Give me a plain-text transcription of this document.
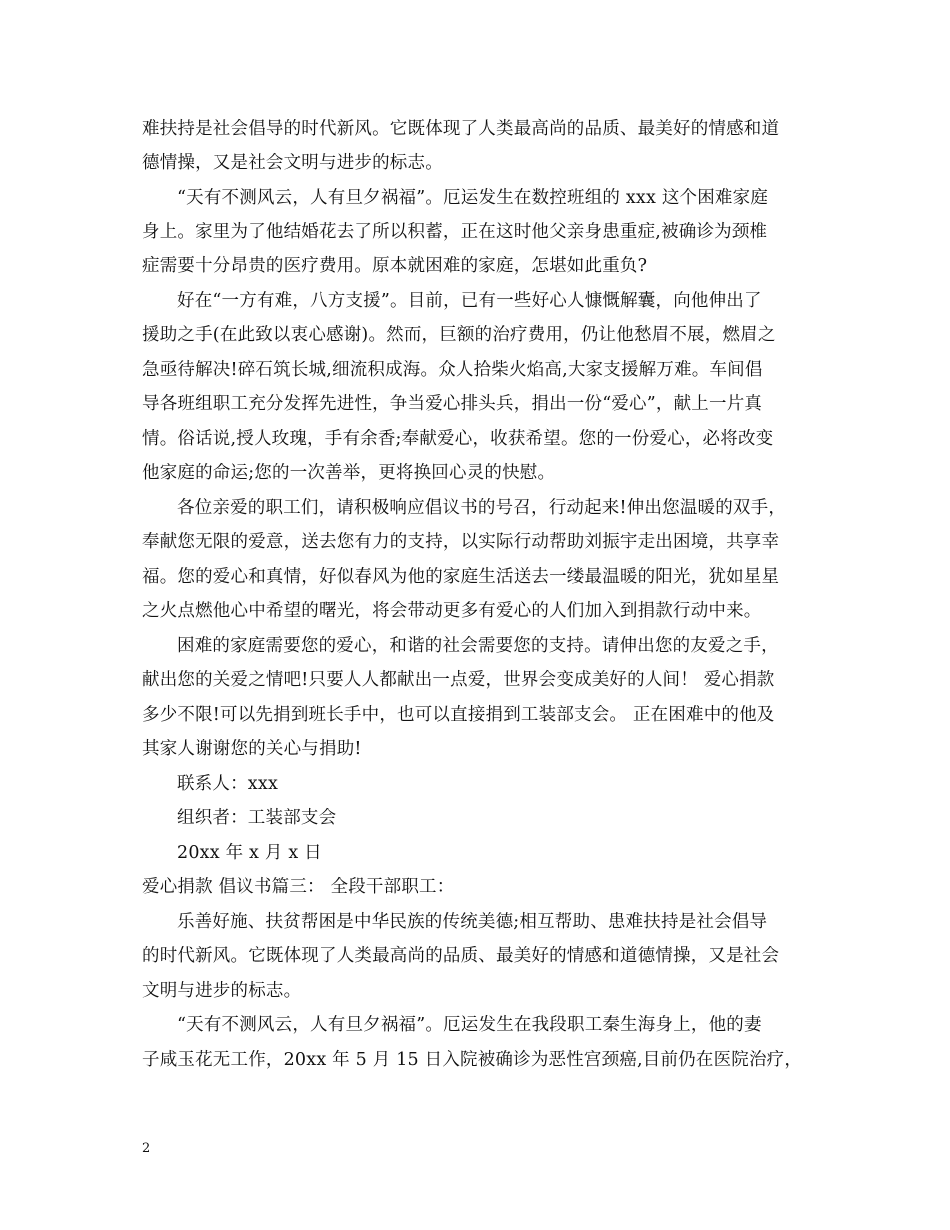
难扶持是社会倡导的时代新风。它既体现了人类最高尚的品质、最美好的情感和道
德情操，又是社会文明与进步的标志。
“天有不测风云，人有旦夕祸福”。厄运发生在数控班组的 xxx 这个困难家庭
身上。家里为了他结婚花去了所以积蓄，正在这时他父亲身患重症,被确诊为颈椎
症需要十分昂贵的医疗费用。原本就困难的家庭，怎堪如此重负?
好在“一方有难，八方支援”。目前，已有一些好心人慷慨解囊，向他伸出了
援助之手(在此致以衷心感谢)。然而，巨额的治疗费用，仍让他愁眉不展，燃眉之
急亟待解决!碎石筑长城,细流积成海。众人拾柴火焰高,大家支援解万难。车间倡
导各班组职工充分发挥先进性，争当爱心排头兵，捐出一份“爱心”，献上一片真
情。俗话说,授人玫瑰，手有余香;奉献爱心，收获希望。您的一份爱心，必将改变
他家庭的命运;您的一次善举，更将换回心灵的快慰。
各位亲爱的职工们，请积极响应倡议书的号召，行动起来!伸出您温暖的双手，
奉献您无限的爱意，送去您有力的支持，以实际行动帮助刘振宇走出困境，共享幸
福。您的爱心和真情，好似春风为他的家庭生活送去一缕最温暖的阳光，犹如星星
之火点燃他心中希望的曙光，将会带动更多有爱心的人们加入到捐款行动中来。
困难的家庭需要您的爱心，和谐的社会需要您的支持。请伸出您的友爱之手，
献出您的关爱之情吧!只要人人都献出一点爱，世界会变成美好的人间！ 爱心捐款
多少不限!可以先捐到班长手中，也可以直接捐到工装部支会。 正在困难中的他及
其家人谢谢您的关心与捐助!
联系人：xxx
组织者：工装部支会
20xx 年 x 月 x 日
爱心捐款 倡议书篇三： 全段干部职工：
乐善好施、扶贫帮困是中华民族的传统美德;相互帮助、患难扶持是社会倡导
的时代新风。它既体现了人类最高尚的品质、最美好的情感和道德情操，又是社会
文明与进步的标志。
“天有不测风云，人有旦夕祸福”。厄运发生在我段职工秦生海身上，他的妻
子咸玉花无工作，20xx 年 5 月 15 日入院被确诊为恶性宫颈癌,目前仍在医院治疗，
2
